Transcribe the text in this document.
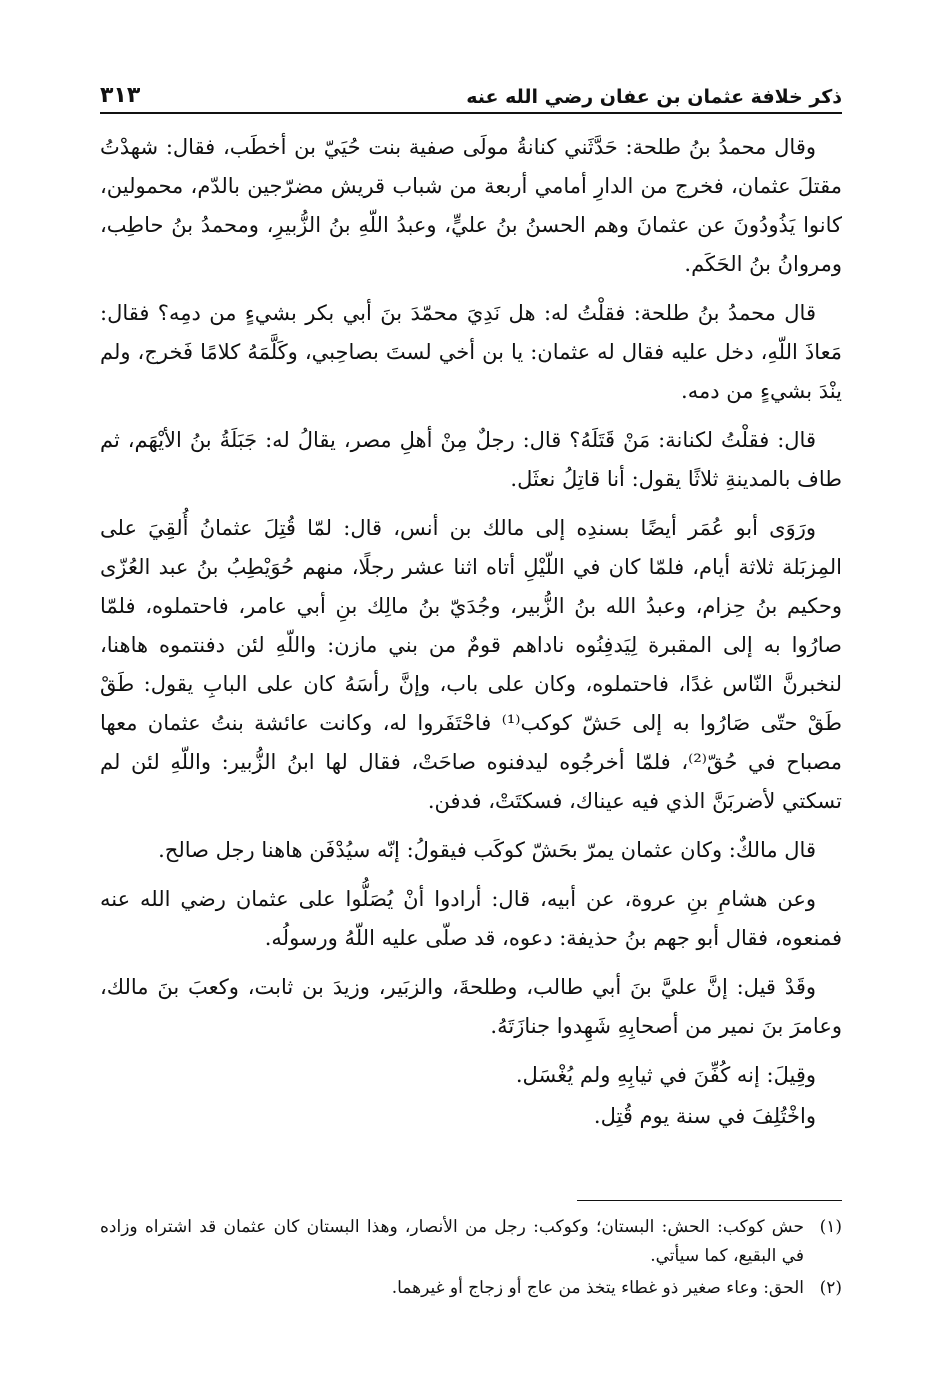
ذكر خلافة عثمان بن عفان رضي الله عنه
٣١٣

وقال محمدُ بنُ طلحة: حَدَّثَني كنانةُ مولَى صفية بنت حُيَيّ بن أخطَب، فقال: شهدْتُ مقتلَ عثمان، فخرج من الدارِ أمامي أربعة من شباب قريش مضرّجين بالدّم، محمولين، كانوا يَذُودُونَ عن عثمانَ وهم الحسنُ بنُ عليٍّ، وعبدُ اللّهِ بنُ الزُّبيرِ، ومحمدُ بنُ حاطِب، ومروانُ بنُ الحَكَم.

قال محمدُ بنُ طلحة: فقلْتُ له: هل نَدِيَ محمّدَ بنَ أبي بكر بشيءٍ من دمِه؟ فقال: مَعاذَ اللّهِ، دخل عليه فقال له عثمان: يا بن أخي لستَ بصاحِبي، وكَلَّمَهُ كلامًا فَخرج، ولم ينْدَ بشيءٍ من دمه.

قال: فقلْتُ لكنانة: مَنْ قَتَلَهُ؟ قال: رجلٌ مِنْ أهلِ مصر، يقالُ له: جَبَلَةُ بنُ الأيْهَم، ثم طاف بالمدينةِ ثلاثًا يقول: أنا قاتِلُ نعثَل.

ورَوَى أبو عُمَر أيضًا بسندِه إلى مالك بن أنس، قال: لمّا قُتِلَ عثمانُ أُلقِيَ على المِزبَلة ثلاثة أيام، فلمّا كان في اللّيْلِ أتاه اثنا عشر رجلًا، منهم حُوَيْطِبُ بنُ عبد العُزّى وحكيم بنُ حِزام، وعبدُ الله بنُ الزُّبير، وجُدَيّ بنُ مالِك بنِ أبي عامر، فاحتملوه، فلمّا صارُوا به إلى المقبرة لِيَدفِنُوه ناداهم قومٌ من بني مازن: واللّهِ لئن دفنتموه هاهنا، لنخبرنَّ النّاس غدًا، فاحتملوه، وكان على باب، وإنَّ رأسَهُ كان على البابِ يقول: طَقْ طَقْ حتّى صَارُوا به إلى حَشّ كوكب⁽¹⁾ فاحْتَفَروا له، وكانت عائشة بنتُ عثمان معها مصباح في حُقّ⁽²⁾، فلمّا أخرجُوه ليدفنوه صاحَتْ، فقال لها ابنُ الزُّبير: واللّهِ لئن لم تسكتي لأضربَنَّ الذي فيه عيناك، فسكتَتْ، فدفن.

قال مالكٌ: وكان عثمان يمرّ بحَشّ كوكَب فيقولُ: إنّه سيُدْفَن هاهنا رجل صالح.

وعن هشامِ بنِ عروة، عن أبيه، قال: أرادوا أنْ يُصَلُّوا على عثمان رضي الله عنه فمنعوه، فقال أبو جهم بنُ حذيفة: دعوه، قد صلّى عليه اللّهُ ورسولُه.

وقَدْ قيل: إنَّ عليَّ بنَ أبي طالب، وطلحةَ، والزبَير، وزيدَ بن ثابت، وكعبَ بنَ مالك، وعامرَ بنَ نمير من أصحابِهِ شَهِدوا جنازَتَهُ.

وقِيلَ: إنه كُفِّنَ في ثيابِهِ ولم يُغْسَل.

واخْتُلِفَ في سنة يوم قُتِل.

(١)
حش كوكب: الحش: البستان؛ وكوكب: رجل من الأنصار، وهذا البستان كان عثمان قد اشتراه وزاده في البقيع، كما سيأتي.
(٢)
الحق: وعاء صغير ذو غطاء يتخذ من عاج أو زجاج أو غيرهما.
